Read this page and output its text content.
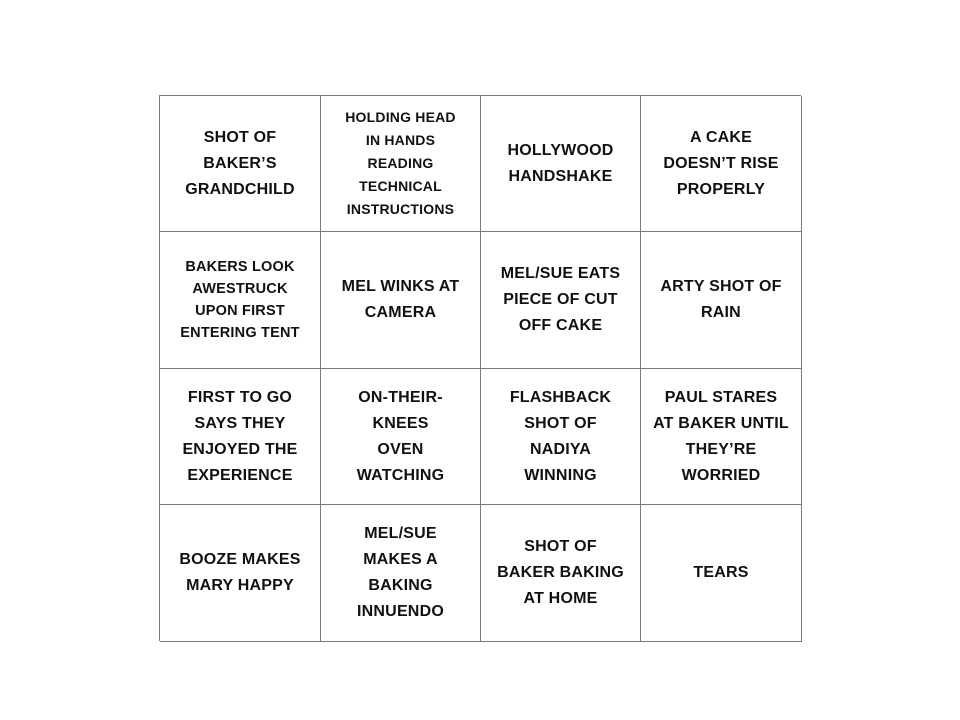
SHOT OF BAKER’S GRANDCHILD
HOLDING HEAD IN HANDS READING TECHNICAL INSTRUCTIONS
HOLLYWOOD HANDSHAKE
A CAKE DOESN’T RISE PROPERLY
BAKERS LOOK AWESTRUCK UPON FIRST ENTERING TENT
MEL WINKS AT CAMERA
MEL/SUE EATS PIECE OF CUT OFF CAKE
ARTY SHOT OF RAIN
FIRST TO GO SAYS THEY ENJOYED THE EXPERIENCE
ON-THEIR-KNEES OVEN WATCHING
FLASHBACK SHOT OF NADIYA WINNING
PAUL STARES AT BAKER UNTIL THEY’RE WORRIED
BOOZE MAKES MARY HAPPY
MEL/SUE MAKES A BAKING INNUENDO
SHOT OF BAKER BAKING AT HOME
TEARS
